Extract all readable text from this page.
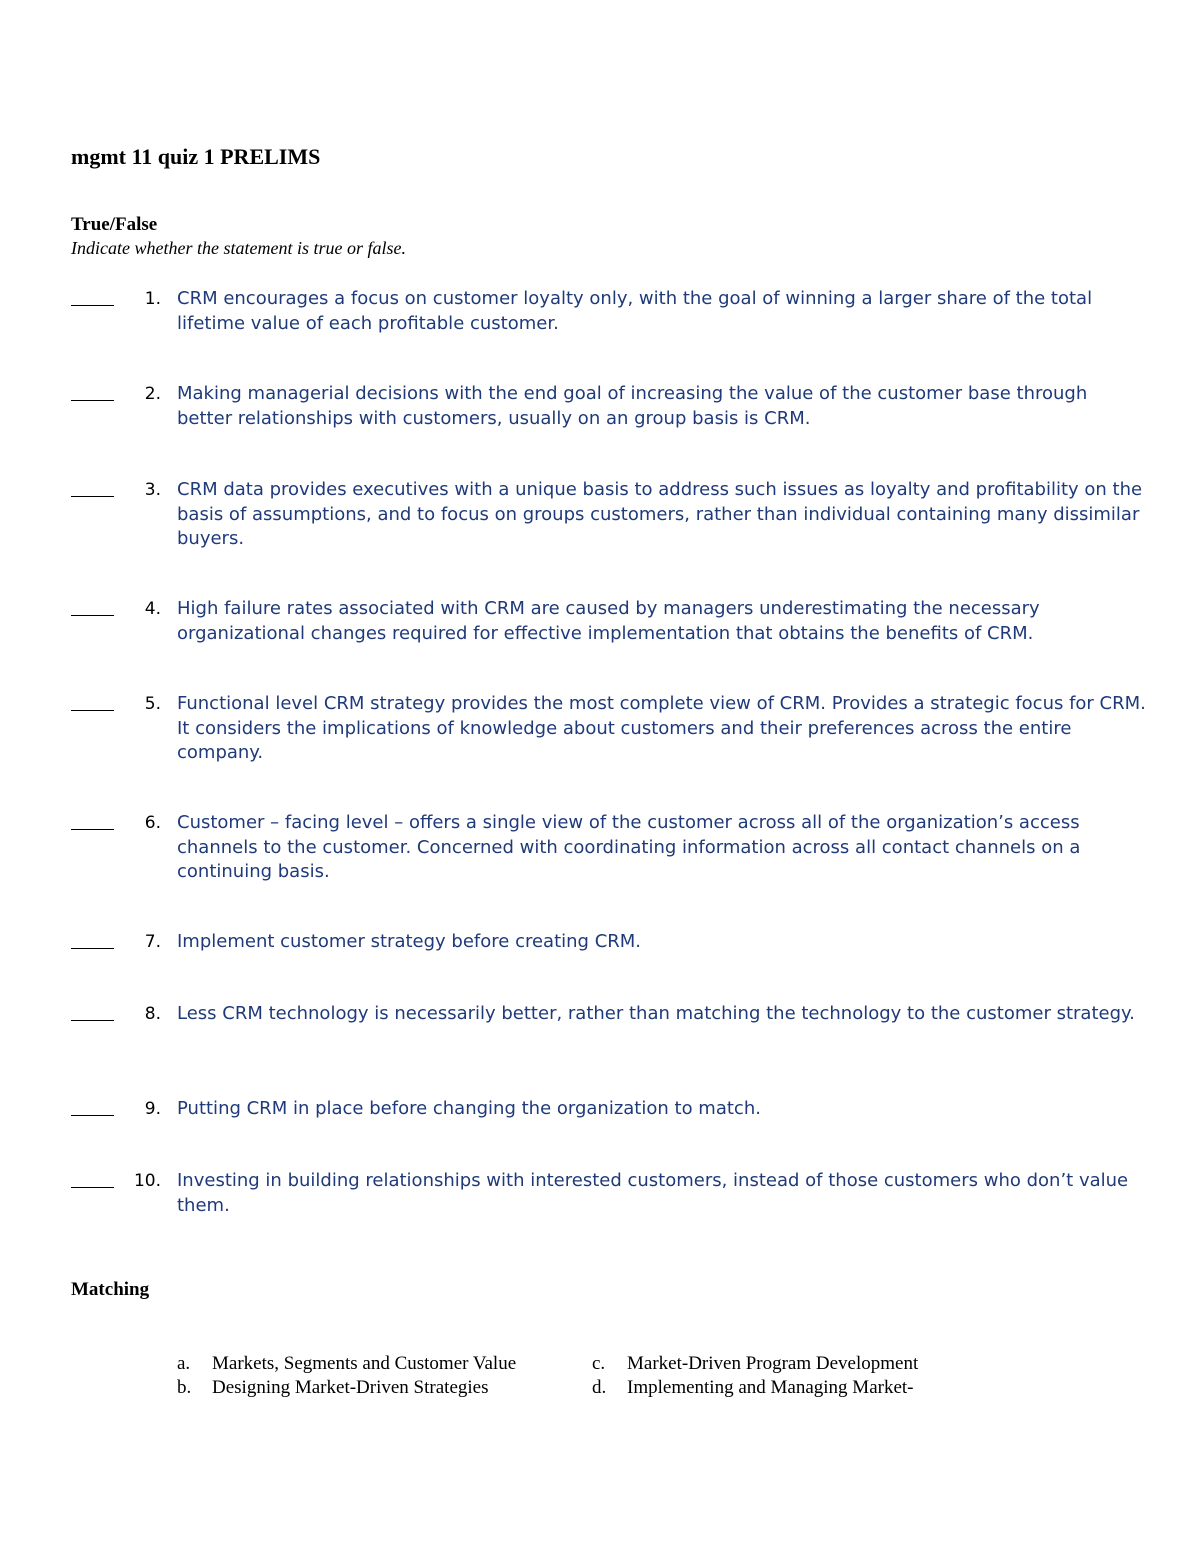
mgmt 11 quiz 1 PRELIMS
True/False
Indicate whether the statement is true or false.
1. CRM encourages a focus on customer loyalty only, with the goal of winning a larger share of the total lifetime value of each profitable customer.
2. Making managerial decisions with the end goal of increasing the value of the customer base through better relationships with customers, usually on an group basis is CRM.
3. CRM data provides executives with a unique basis to address such issues as loyalty and profitability on the basis of assumptions, and to focus on groups customers, rather than individual containing many dissimilar buyers.
4. High failure rates associated with CRM are caused by managers underestimating the necessary organizational changes required for effective implementation that obtains the benefits of CRM.
5. Functional level CRM strategy provides the most complete view of CRM. Provides a strategic focus for CRM. It considers the implications of knowledge about customers and their preferences across the entire company.
6. Customer – facing level – offers a single view of the customer across all of the organization’s access channels to the customer. Concerned with coordinating information across all contact channels on a continuing basis.
7. Implement customer strategy before creating CRM.
8. Less CRM technology is necessarily better, rather than matching the technology to the customer strategy.
9. Putting CRM in place before changing the organization to match.
10. Investing in building relationships with interested customers, instead of those customers who don’t value them.
Matching
a.	Markets, Segments and Customer Value	c.	Market-Driven Program Development
b.	Designing Market-Driven Strategies	d.	Implementing and Managing Market-
